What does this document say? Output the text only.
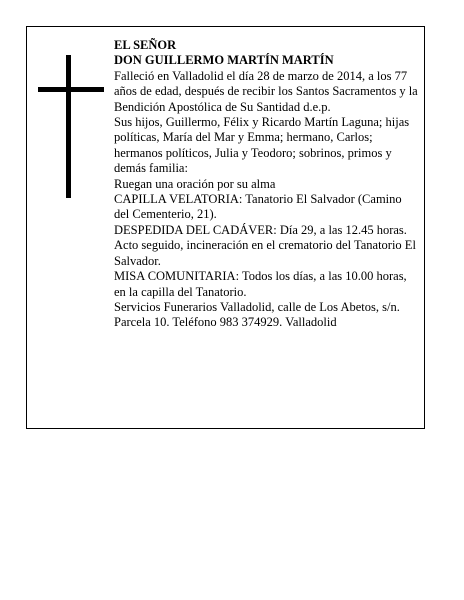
EL SEÑOR

DON GUILLERMO MARTÍN MARTÍN

Falleció en Valladolid el día 28 de marzo de 2014, a los 77 años de edad, después de recibir los Santos Sacramentos y la Bendición Apostólica de Su Santidad d.e.p.

Sus hijos, Guillermo, Félix y Ricardo Martín Laguna; hijas políticas, María del Mar y Emma; hermano, Carlos; hermanos políticos, Julia y Teodoro; sobrinos, primos y demás familia:

Ruegan una oración por su alma

CAPILLA VELATORIA: Tanatorio El Salvador (Camino del Cementerio, 21).

DESPEDIDA DEL CADÁVER: Día 29, a las 12.45 horas. Acto seguido, incineración en el crematorio del Tanatorio El Salvador.

MISA COMUNITARIA: Todos los días, a las 10.00 horas, en la capilla del Tanatorio.

Servicios Funerarios Valladolid, calle de Los Abetos, s/n. Parcela 10. Teléfono 983 374929. Valladolid
